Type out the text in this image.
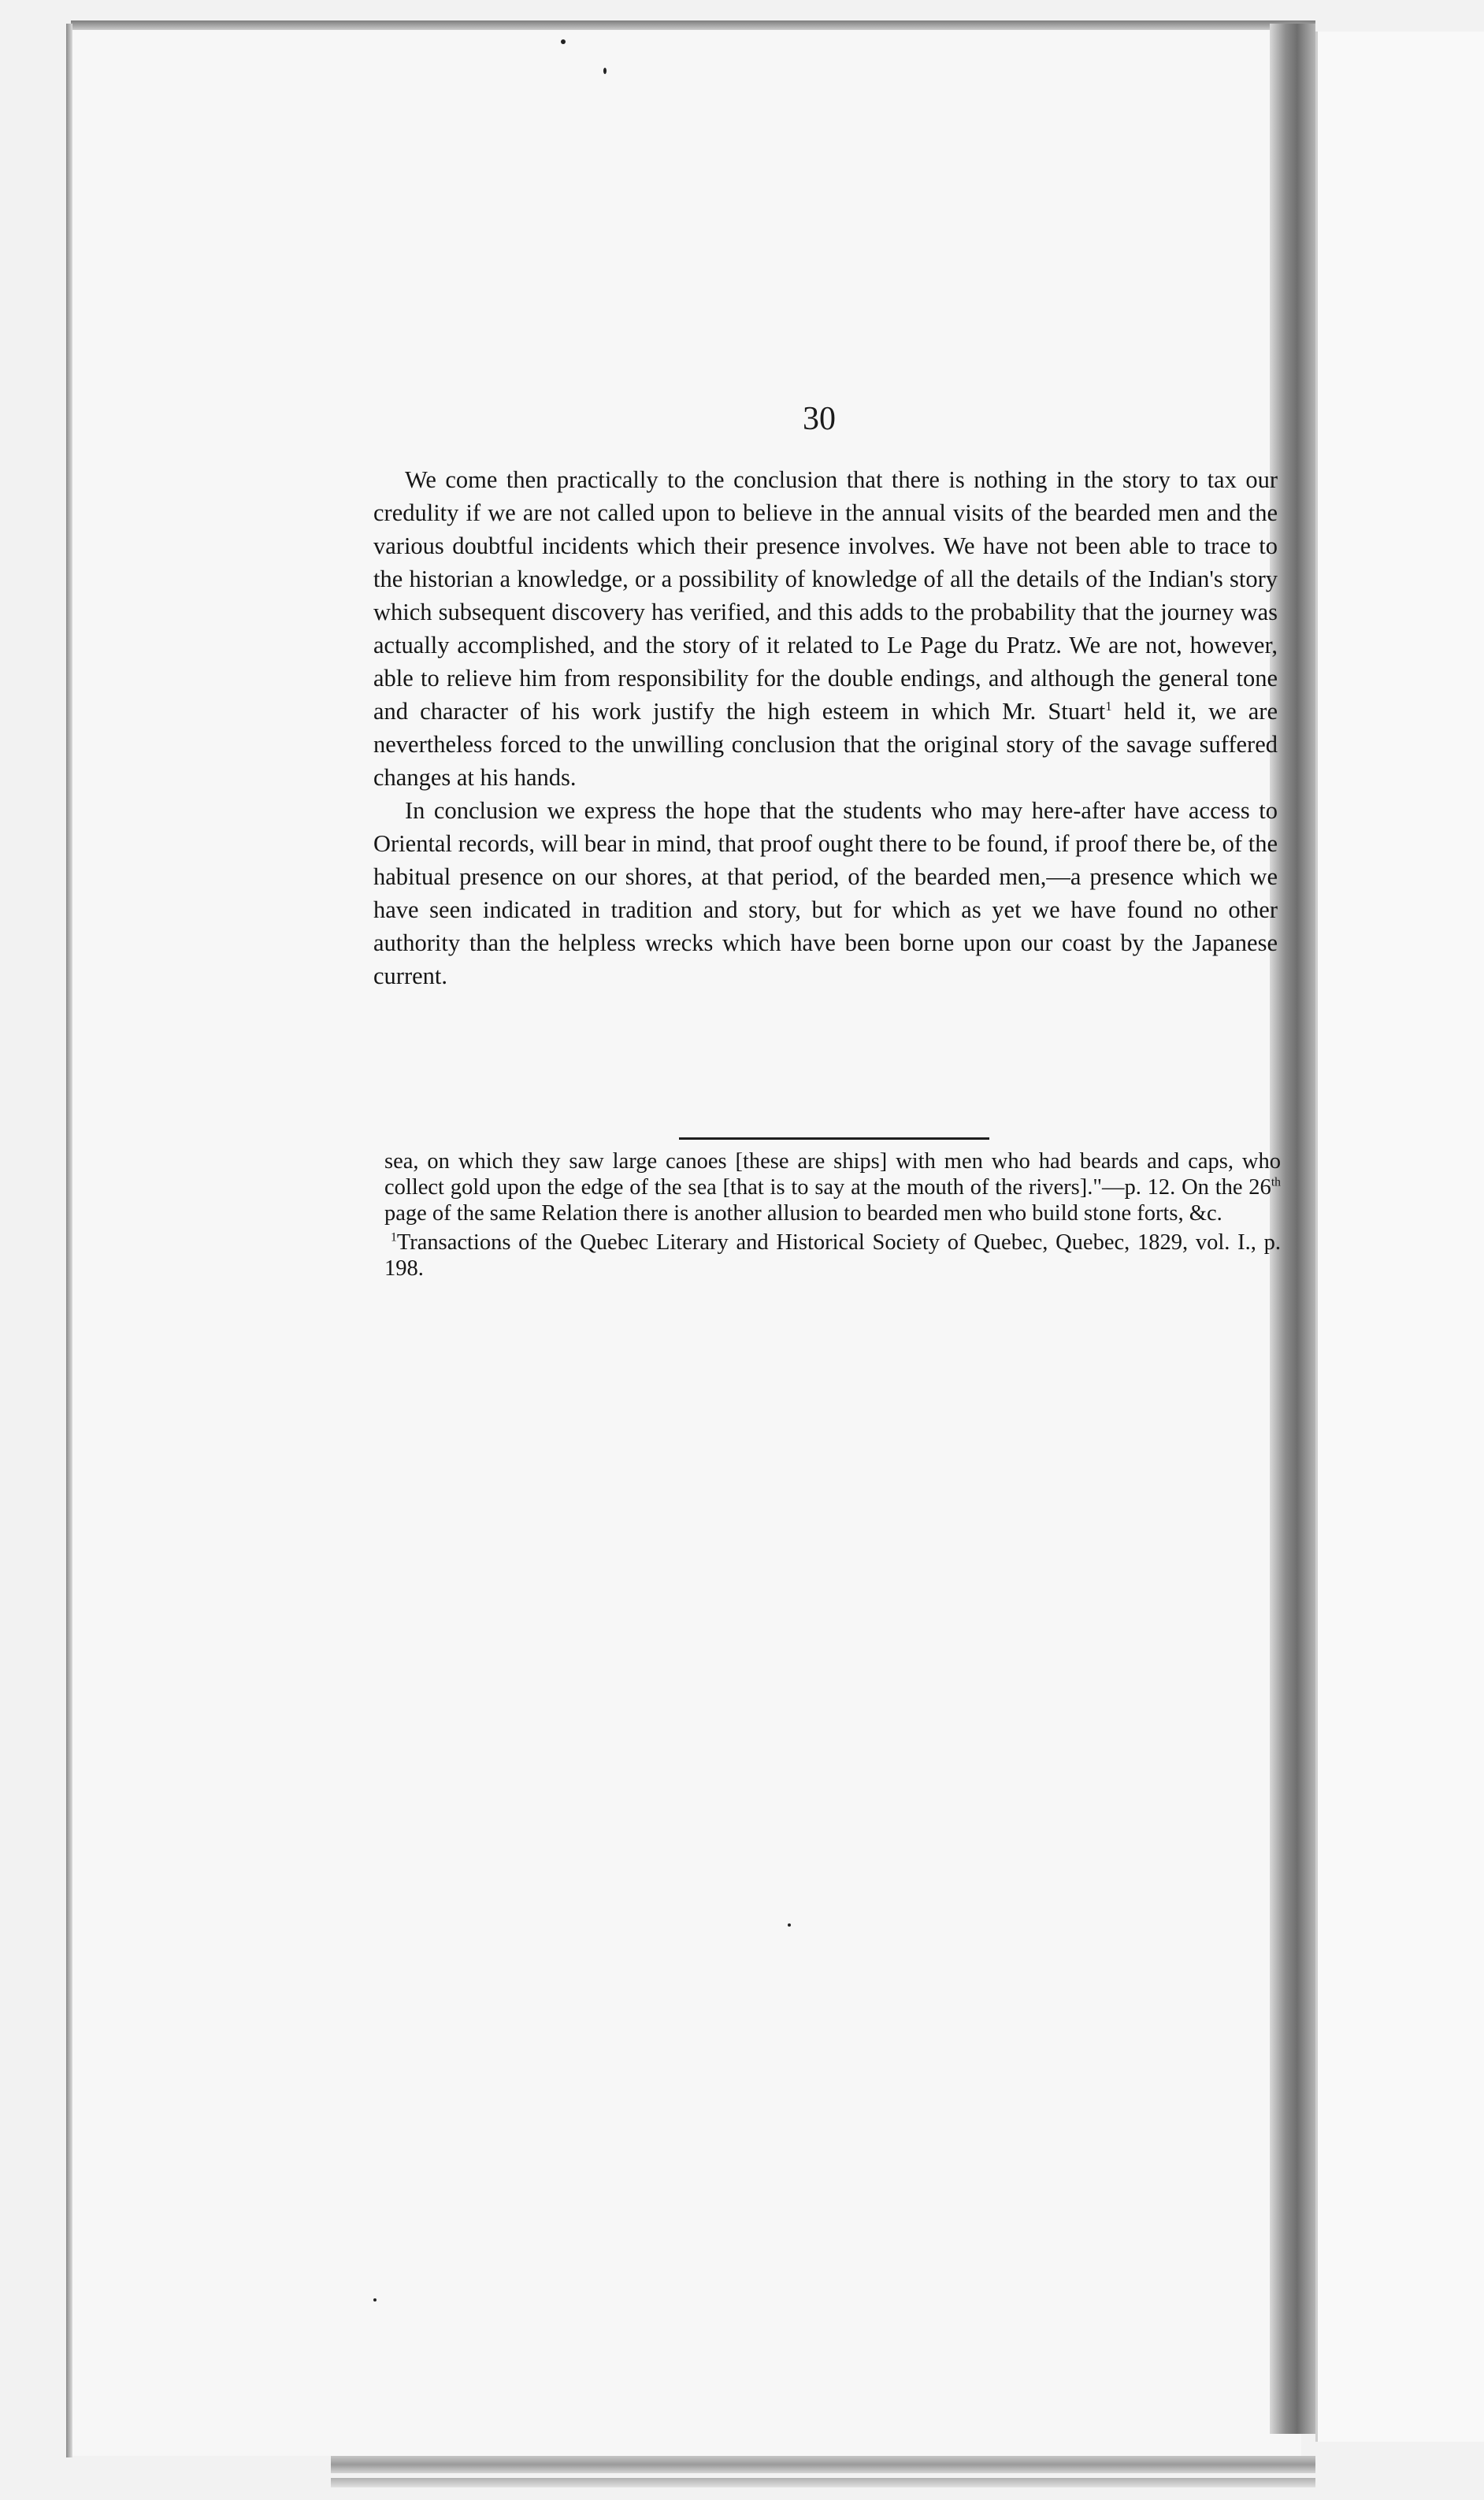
30

We come then practically to the conclusion that there is nothing in the story to tax our credulity if we are not called upon to believe in the annual visits of the bearded men and the various doubtful incidents which their presence involves. We have not been able to trace to the historian a knowledge, or a possibility of knowledge of all the details of the Indian's story which subsequent discovery has verified, and this adds to the probability that the journey was actually accomplished, and the story of it related to Le Page du Pratz. We are not, however, able to relieve him from responsibility for the double endings, and although the general tone and character of his work justify the high esteem in which Mr. Stuart$^1$ held it, we are nevertheless forced to the unwilling conclusion that the original story of the savage suffered changes at his hands.

In conclusion we express the hope that the students who may here-after have access to Oriental records, will bear in mind, that proof ought there to be found, if proof there be, of the habitual presence on our shores, at that period, of the bearded men,—a presence which we have seen indicated in tradition and story, but for which as yet we have found no other authority than the helpless wrecks which have been borne upon our coast by the Japanese current.

sea, on which they saw large canoes [these are ships] with men who had beards and caps, who collect gold upon the edge of the sea [that is to say at the mouth of the rivers]."—p. 12. On the 26th page of the same Relation there is another allusion to bearded men who build stone forts, &c.

$^1$Transactions of the Quebec Literary and Historical Society of Quebec, Quebec, 1829, vol. I., p. 198.
